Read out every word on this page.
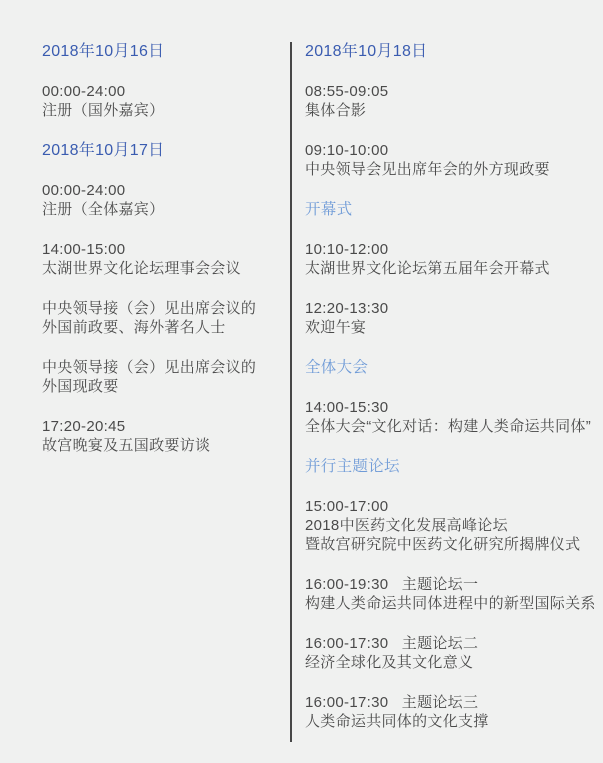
2018年10月16日
00:00-24:00
注册（国外嘉宾）
2018年10月17日
00:00-24:00
注册（全体嘉宾）
14:00-15:00
太湖世界文化论坛理事会会议
中央领导接（会）见出席会议的
外国前政要、海外著名人士
中央领导接（会）见出席会议的
外国现政要
17:20-20:45
故宫晚宴及五国政要访谈
2018年10月18日
08:55-09:05
集体合影
09:10-10:00
中央领导会见出席年会的外方现政要
开幕式
10:10-12:00
太湖世界文化论坛第五届年会开幕式
12:20-13:30
欢迎午宴
全体大会
14:00-15:30
全体大会“文化对话：构建人类命运共同体”
并行主题论坛
15:00-17:00
2018中医药文化发展高峰论坛
暨故宫研究院中医药文化研究所揭牌仪式
16:00-19:30   主题论坛一
构建人类命运共同体进程中的新型国际关系
16:00-17:30   主题论坛二
经济全球化及其文化意义
16:00-17:30   主题论坛三
人类命运共同体的文化支撑
